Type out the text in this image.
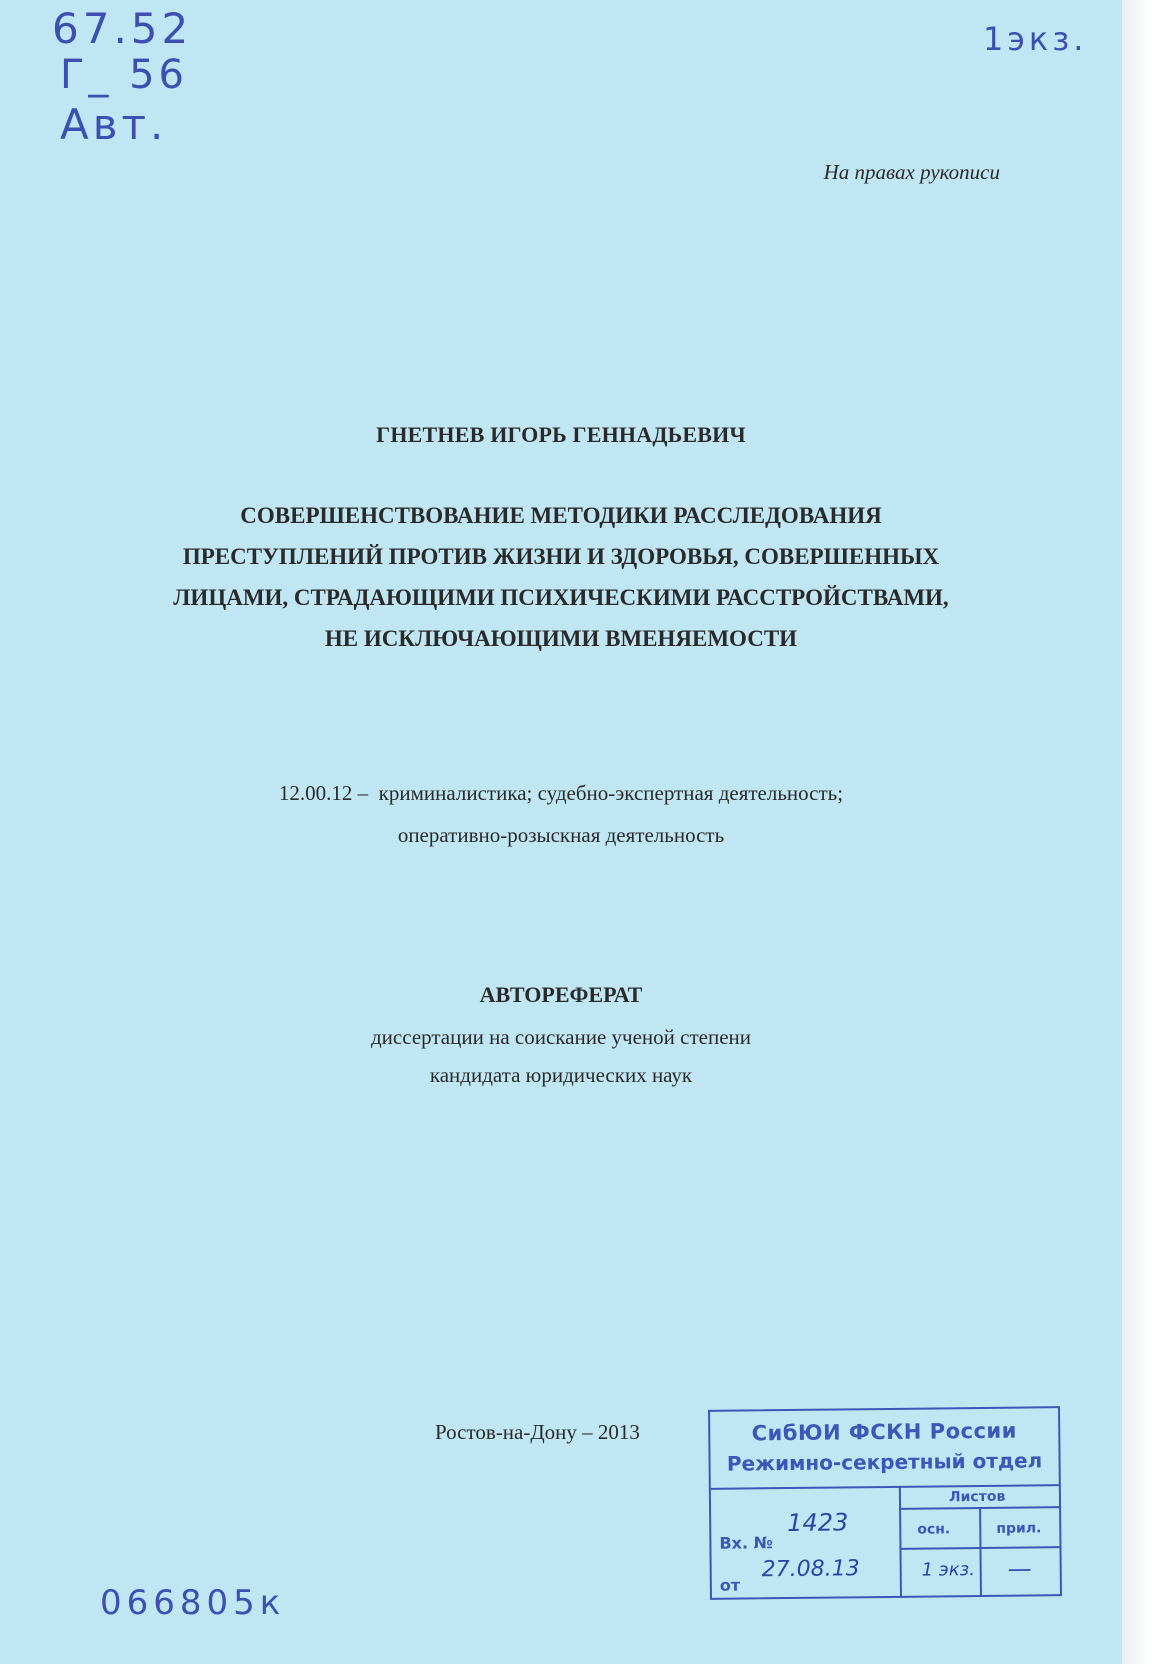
67.52
Г_ 56
Авт.
1экз.
На правах рукописи
ГНЕТНЕВ ИГОРЬ ГЕННАДЬЕВИЧ
СОВЕРШЕНСТВОВАНИЕ МЕТОДИКИ РАССЛЕДОВАНИЯ
ПРЕСТУПЛЕНИЙ ПРОТИВ ЖИЗНИ И ЗДОРОВЬЯ, СОВЕРШЕННЫХ
ЛИЦАМИ, СТРАДАЮЩИМИ ПСИХИЧЕСКИМИ РАССТРОЙСТВАМИ,
НЕ ИСКЛЮЧАЮЩИМИ ВМЕНЯЕМОСТИ
12.00.12 –  криминалистика; судебно-экспертная деятельность;
оперативно-розыскная деятельность
АВТОРЕФЕРАТ
диссертации на соискание ученой степени
кандидата юридических наук
Ростов-на-Дону – 2013	СибЮИ ФСКН России
Режимно-секретный отдел
Листов
осн.	прил.
Вх. №
1423
от
27.08.13	1 экз. —
066805к
